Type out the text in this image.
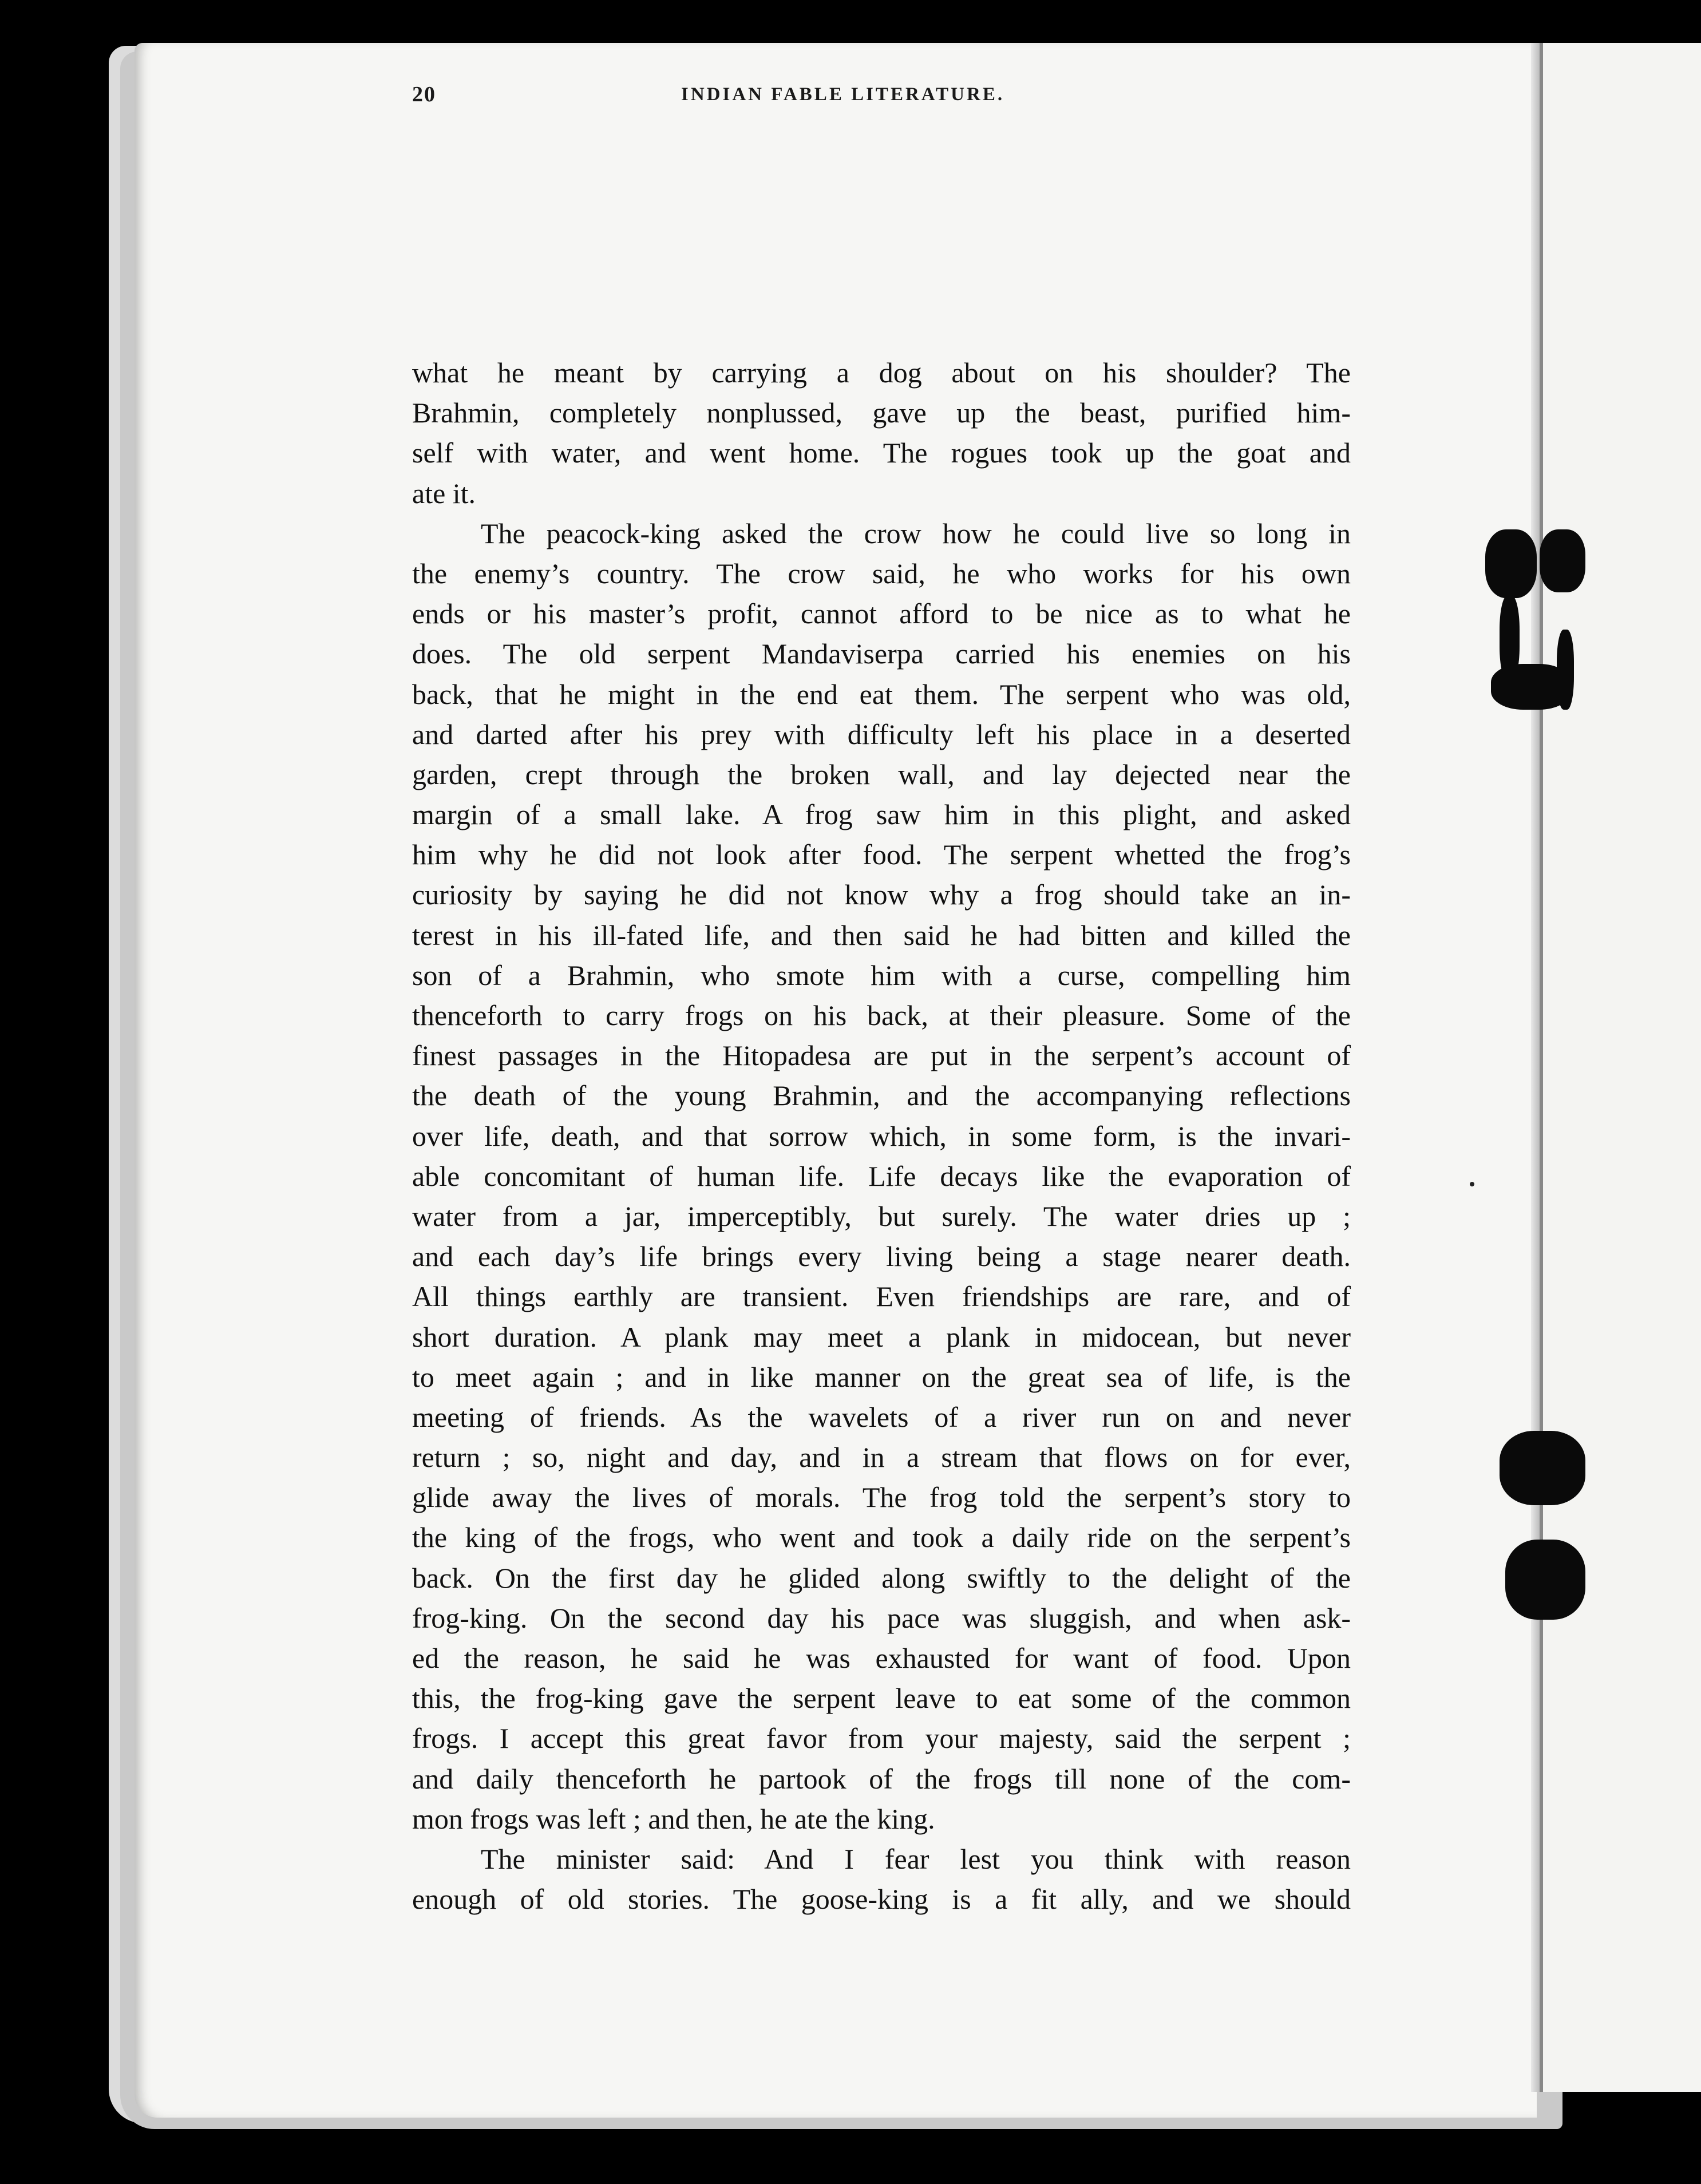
20	INDIAN FABLE LITERATURE.
what he meant by carrying a dog about on his shoulder? The
Brahmin, completely nonplussed, gave up the beast, purified him-
self with water, and went home. The rogues took up the goat and
ate it.
The peacock-king asked the crow how he could live so long in
the enemy’s country. The crow said, he who works for his own
ends or his master’s profit, cannot afford to be nice as to what he
does. The old serpent Mandaviserpa carried his enemies on his
back, that he might in the end eat them. The serpent who was old,
and darted after his prey with difficulty left his place in a deserted
garden, crept through the broken wall, and lay dejected near the
margin of a small lake. A frog saw him in this plight, and asked
him why he did not look after food. The serpent whetted the frog’s
curiosity by saying he did not know why a frog should take an in-
terest in his ill-fated life, and then said he had bitten and killed the
son of a Brahmin, who smote him with a curse, compelling him
thenceforth to carry frogs on his back, at their pleasure. Some of the
finest passages in the Hitopadesa are put in the serpent’s account of
the death of the young Brahmin, and the accompanying reflections
over life, death, and that sorrow which, in some form, is the invari-
able concomitant of human life. Life decays like the evaporation of
water from a jar, imperceptibly, but surely. The water dries up ;
and each day’s life brings every living being a stage nearer death.
All things earthly are transient. Even friendships are rare, and of
short duration. A plank may meet a plank in midocean, but never
to meet again ; and in like manner on the great sea of life, is the
meeting of friends. As the wavelets of a river run on and never
return ; so, night and day, and in a stream that flows on for ever,
glide away the lives of morals. The frog told the serpent’s story to
the king of the frogs, who went and took a daily ride on the serpent’s
back. On the first day he glided along swiftly to the delight of the
frog-king. On the second day his pace was sluggish, and when ask-
ed the reason, he said he was exhausted for want of food. Upon
this, the frog-king gave the serpent leave to eat some of the common
frogs. I accept this great favor from your majesty, said the serpent ;
and daily thenceforth he partook of the frogs till none of the com-
mon frogs was left ; and then, he ate the king.
The minister said: And I fear lest you think with reason
enough of old stories. The goose-king is a fit ally, and we should
